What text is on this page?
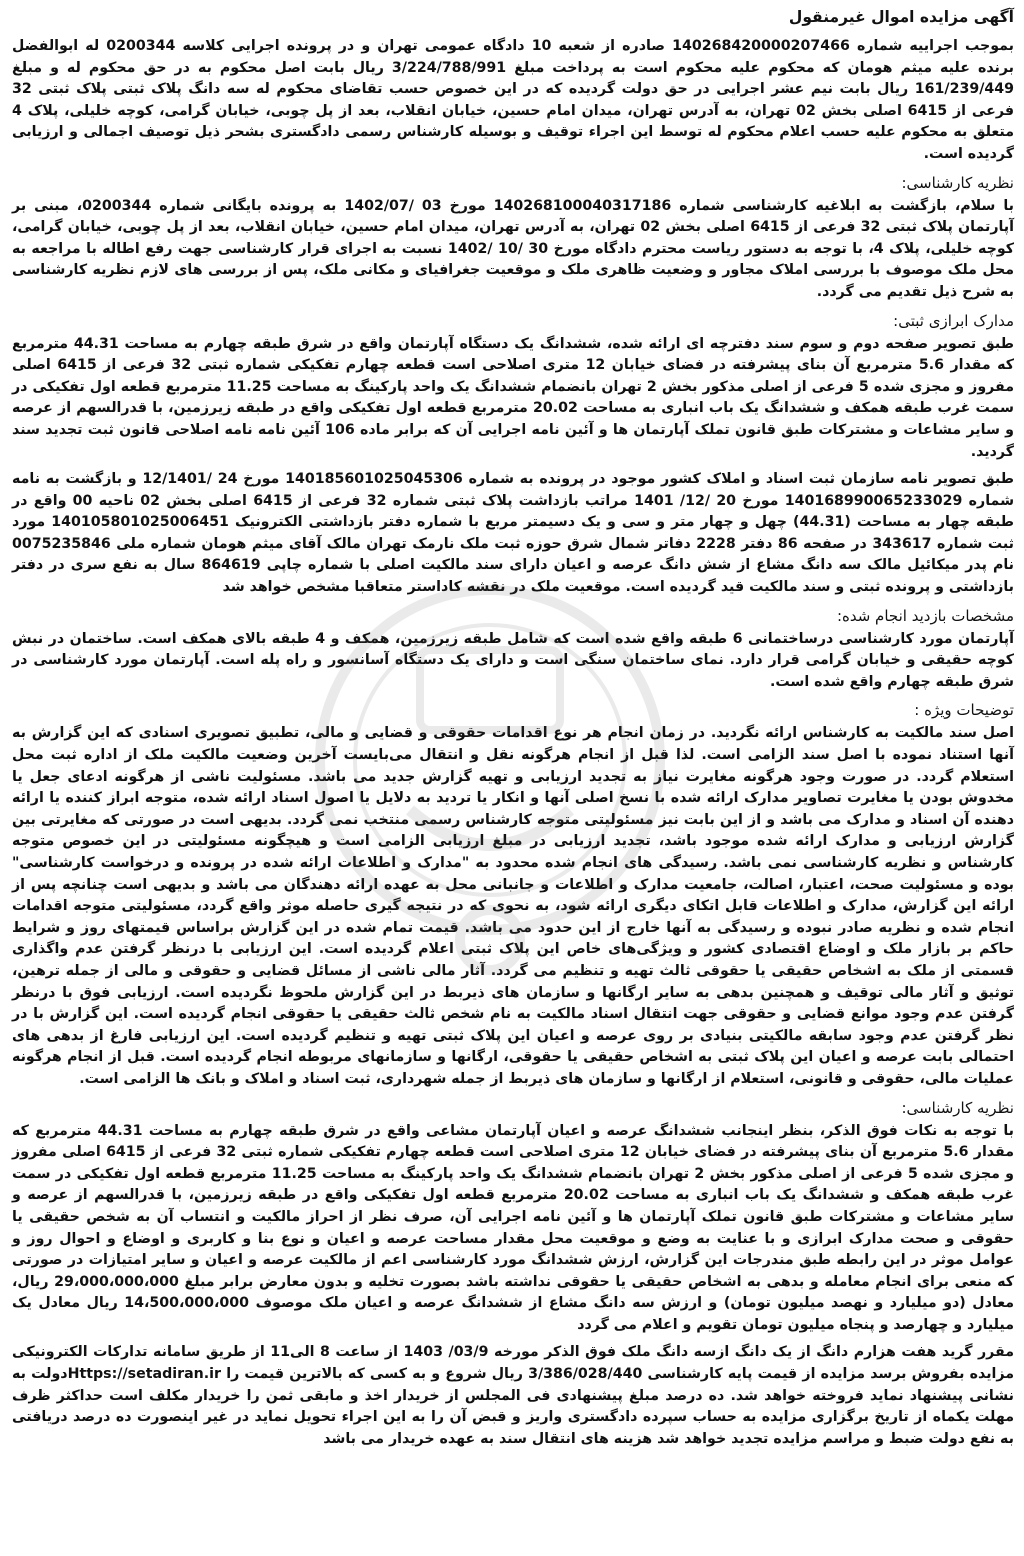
آگهی مزایده اموال غیرمنقول

بموجب اجراییه شماره 140268420000207466 صادره از شعبه 10 دادگاه عمومی تهران و در پرونده اجرایی کلاسه 0200344 له ابوالفضل برنده علیه میثم هومان که محکوم علیه محکوم است به پرداخت مبلغ 3/224/788/991 ریال بابت اصل محکوم به در حق محکوم له و مبلغ 161/239/449 ریال بابت نیم عشر اجرایی در حق دولت گردیده که در این خصوص حسب تقاضای محکوم له سه دانگ پلاک ثبتی پلاک ثبتی 32 فرعی از 6415 اصلی بخش 02 تهران، به آدرس تهران، میدان امام حسین، خیابان انقلاب، بعد از پل چوبی، خیابان گرامی، کوچه خلیلی، پلاک 4 متعلق به محکوم علیه حسب اعلام محکوم له توسط این اجراء توقیف و بوسیله کارشناس رسمی دادگستری بشحر ذیل توصیف اجمالی و ارزیابی گردیده است.

نظریه کارشناسی:

با سلام، بازگشت به ابلاغیه کارشناسی شماره 140268100040317186 مورخ 03 /1402/07 به پرونده بایگانی شماره 0200344، مبنی بر آپارتمان پلاک ثبتی 32 فرعی از 6415 اصلی بخش 02 تهران، به آدرس تهران، میدان امام حسین، خیابان انقلاب، بعد از پل چوبی، خیابان گرامی، کوچه خلیلی، پلاک 4، با توجه به دستور ریاست محترم دادگاه مورخ 30 /10 /1402 نسبت به اجرای قرار کارشناسی جهت رفع اطاله با مراجعه به محل ملک موصوف با بررسی املاک مجاور و وضعیت ظاهری ملک و موقعیت جغرافیای و مکانی ملک، پس از بررسی های لازم نظریه کارشناسی به شرح ذیل تقدیم می گردد.

مدارک ابرازی ثبتی:

طبق تصویر صفحه دوم و سوم سند دفترچه ای ارائه شده، ششدانگ یک دستگاه آپارتمان واقع در شرق طبقه چهارم به مساحت 44.31 مترمربع که مقدار 5.6 مترمربع آن بنای پیشرفته در فضای خیابان 12 متری اصلاحی است قطعه چهارم تفکیکی شماره ثبتی 32 فرعی از 6415 اصلی مفروز و مجزی شده 5 فرعی از اصلی مذکور بخش 2 تهران بانضمام ششدانگ یک واحد پارکینگ به مساحت 11.25 مترمربع قطعه اول تفکیکی در سمت غرب طبقه همکف و ششدانگ یک باب انباری به مساحت 20.02 مترمربع قطعه اول تفکیکی واقع در طبقه زیرزمین، با قدرالسهم از عرصه و سایر مشاعات و مشترکات طبق قانون تملک آپارتمان ها و آئین نامه اجرایی آن که برابر ماده 106 آئین نامه نامه اصلاحی قانون ثبت تجدید سند گردید.

طبق تصویر نامه سازمان ثبت اسناد و املاک کشور موجود در پرونده به شماره 140185601025045306 مورخ 24 /12/1401 و بازگشت به نامه شماره 140168990065233029 مورخ 20 /12/ 1401 مراتب بازداشت پلاک ثبتی شماره 32 فرعی از 6415 اصلی بخش 02 ناحیه 00 واقع در طبقه چهار به مساحت (44.31) چهل و چهار متر و سی و یک دسیمتر مربع با شماره دفتر بازداشتی الکترونیک 140105801025006451 مورد ثبت شماره 343617 در صفحه 86 دفتر 2228 دفاتر شمال شرق حوزه ثبت ملک نارمک تهران مالک آقای میثم هومان شماره ملی 0075235846 نام پدر میکائیل مالک سه دانگ مشاع از شش دانگ عرصه و اعیان دارای سند مالکیت اصلی با شماره چاپی 864619 سال به نفع سری در دفتر بازداشتی و پرونده ثبتی و سند مالکیت قید گردیده است. موقعیت ملک در نقشه کاداستر متعاقبا مشخص خواهد شد

مشخصات بازدید انجام شده:

آپارتمان مورد کارشناسی درساختمانی 6 طبقه واقع شده است که شامل طبقه زیرزمین، همکف و 4 طبقه بالای همکف است. ساختمان در نبش کوچه حقیقی و خیابان گرامی قرار دارد. نمای ساختمان سنگی است و دارای یک دستگاه آسانسور و راه پله است. آپارتمان مورد کارشناسی در شرق طبقه چهارم واقع شده است.

توضیحات ویژه :

اصل سند مالکیت به کارشناس ارائه نگردید. در زمان انجام هر نوع اقدامات حقوقی و قضایی و مالی، تطبیق تصویری اسنادی که این گزارش به آنها استناد نموده با اصل سند الزامی است. لذا قبل از انجام هرگونه نقل و انتقال می‌بایست آخرین وضعیت مالکیت ملک از اداره ثبت محل استعلام گردد. در صورت وجود هرگونه مغایرت نیاز به تجدید ارزیابی و تهیه گزارش جدید می باشد. مسئولیت ناشی از هرگونه ادعای جعل یا مخدوش بودن یا مغایرت تصاویر مدارک ارائه شده با نسخ اصلی آنها و انکار یا تردید به دلایل یا اصول اسناد ارائه شده، متوجه ابراز کننده یا ارائه دهنده آن اسناد و مدارک می باشد و از این بابت نیز مسئولیتی متوجه کارشناس رسمی منتخب نمی گردد. بدیهی است در صورتی که مغایرتی بین گزارش ارزیابی و مدارک ارائه شده موجود باشد، تجدید ارزیابی در مبلغ ارزیابی الزامی است و هیچگونه مسئولیتی در این خصوص متوجه کارشناس و نظریه کارشناسی نمی باشد. رسیدگی های انجام شده محدود به "مدارک و اطلاعات ارائه شده در پرونده و درخواست کارشناسی" بوده و مسئولیت صحت، اعتبار، اصالت، جامعیت مدارک و اطلاعات و جانبانی محل به عهده ارائه دهندگان می باشد و بدیهی است چنانچه پس از ارائه این گزارش، مدارک و اطلاعات قابل اتکای دیگری ارائه شود، به نحوی که در نتیجه گیری حاصله موثر واقع گردد، مسئولیتی متوجه اقدامات انجام شده و نظریه صادر نبوده و رسیدگی به آنها خارج از این حدود می باشد. قیمت تمام شده در این گزارش براساس قیمتهای روز و شرایط حاکم بر بازار ملک و اوضاع اقتصادی کشور و ویژگی‌های خاص این پلاک ثبتی اعلام گردیده است. این ارزیابی با درنظر گرفتن عدم واگذاری قسمتی از ملک به اشخاص حقیقی یا حقوقی ثالث تهیه و تنظیم می گردد. آثار مالی ناشی از مسائل قضایی و حقوقی و مالی از جمله ترهین، توثیق و آثار مالی توقیف و همچنین بدهی به سایر ارگانها و سازمان های ذیربط در این گزارش ملحوظ نگردیده است. ارزیابی فوق با درنظر گرفتن عدم وجود موانع قضایی و حقوقی جهت انتقال اسناد مالکیت به نام شخص ثالث حقیقی یا حقوقی انجام گردیده است. این گزارش با در نظر گرفتن عدم وجود سابقه مالکیتی بنیادی بر روی عرصه و اعیان این پلاک ثبتی تهیه و تنظیم گردیده است. این ارزیابی فارغ از بدهی های احتمالی بابت عرصه و اعیان این پلاک ثبتی به اشخاص حقیقی یا حقوقی، ارگانها و سازمانهای مربوطه انجام گردیده است. قبل از انجام هرگونه عملیات مالی، حقوقی و قانونی، استعلام از ارگانها و سازمان های ذیربط از جمله شهرداری، ثبت اسناد و املاک و بانک ها الزامی است.

نظریه کارشناسی:

با توجه به نکات فوق الذکر، بنظر اینجانب ششدانگ عرصه و اعیان آپارتمان مشاعی واقع در شرق طبقه چهارم به مساحت 44.31 مترمربع که مقدار 5.6 مترمربع آن بنای پیشرفته در فضای خیابان 12 متری اصلاحی است قطعه چهارم تفکیکی شماره ثبتی 32 فرعی از 6415 اصلی مفروز و مجزی شده 5 فرعی از اصلی مذکور بخش 2 تهران بانضمام ششدانگ یک واحد پارکینگ به مساحت 11.25 مترمربع قطعه اول تفکیکی در سمت غرب طبقه همکف و ششدانگ یک باب انباری به مساحت 20.02 مترمربع قطعه اول تفکیکی واقع در طبقه زیرزمین، با قدرالسهم از عرصه و سایر مشاعات و مشترکات طبق قانون تملک آپارتمان ها و آئین نامه اجرایی آن، صرف نظر از احراز مالکیت و انتساب آن به شخص حقیقی یا حقوقی و صحت مدارک ابرازی و با عنایت به وضع و موقعیت محل مقدار مساحت عرصه و اعیان و نوع بنا و کاربری و اوضاع و احوال روز و عوامل موثر در این رابطه طبق مندرجات این گزارش، ارزش ششدانگ مورد کارشناسی اعم از مالکیت عرصه و اعیان و سایر امتیازات در صورتی که منعی برای انجام معامله و بدهی به اشخاص حقیقی یا حقوقی نداشته باشد بصورت تخلیه و بدون معارض برابر مبلغ 29،000،000،000 ریال، معادل (دو میلیارد و نهصد میلیون تومان) و ارزش سه دانگ مشاع از ششدانگ عرصه و اعیان ملک موصوف 14،500،000،000 ریال معادل یک میلیارد و چهارصد و پنجاه میلیون تومان تقویم و اعلام می گردد

مقرر گرید هفت هزارم دانگ از یک دانگ ازسه دانگ ملک فوق الذکر مورخه 03/9/ 1403 از ساعت 8 الی11 از طریق سامانه تدارکات الکترونیکی مزایده بفروش برسد مزایده از قیمت پایه کارشناسی 3/386/028/440 ریال شروع و به کسی که بالاترین قیمت را Https://setadiran.irدولت به نشانی پیشنهاد نماید فروخته خواهد شد. ده درصد مبلغ پیشنهادی فی المجلس از خریدار اخذ و مابقی ثمن را خریدار مکلف است حداکثر ظرف مهلت یکماه از تاریخ برگزاری مزایده به حساب سپرده دادگستری واریز و قبض آن را به این اجراء تحویل نماید در غیر اینصورت ده درصد دریافتی به نفع دولت ضبط و مراسم مزایده تجدید خواهد شد هزینه های انتقال سند به عهده خریدار می باشد
